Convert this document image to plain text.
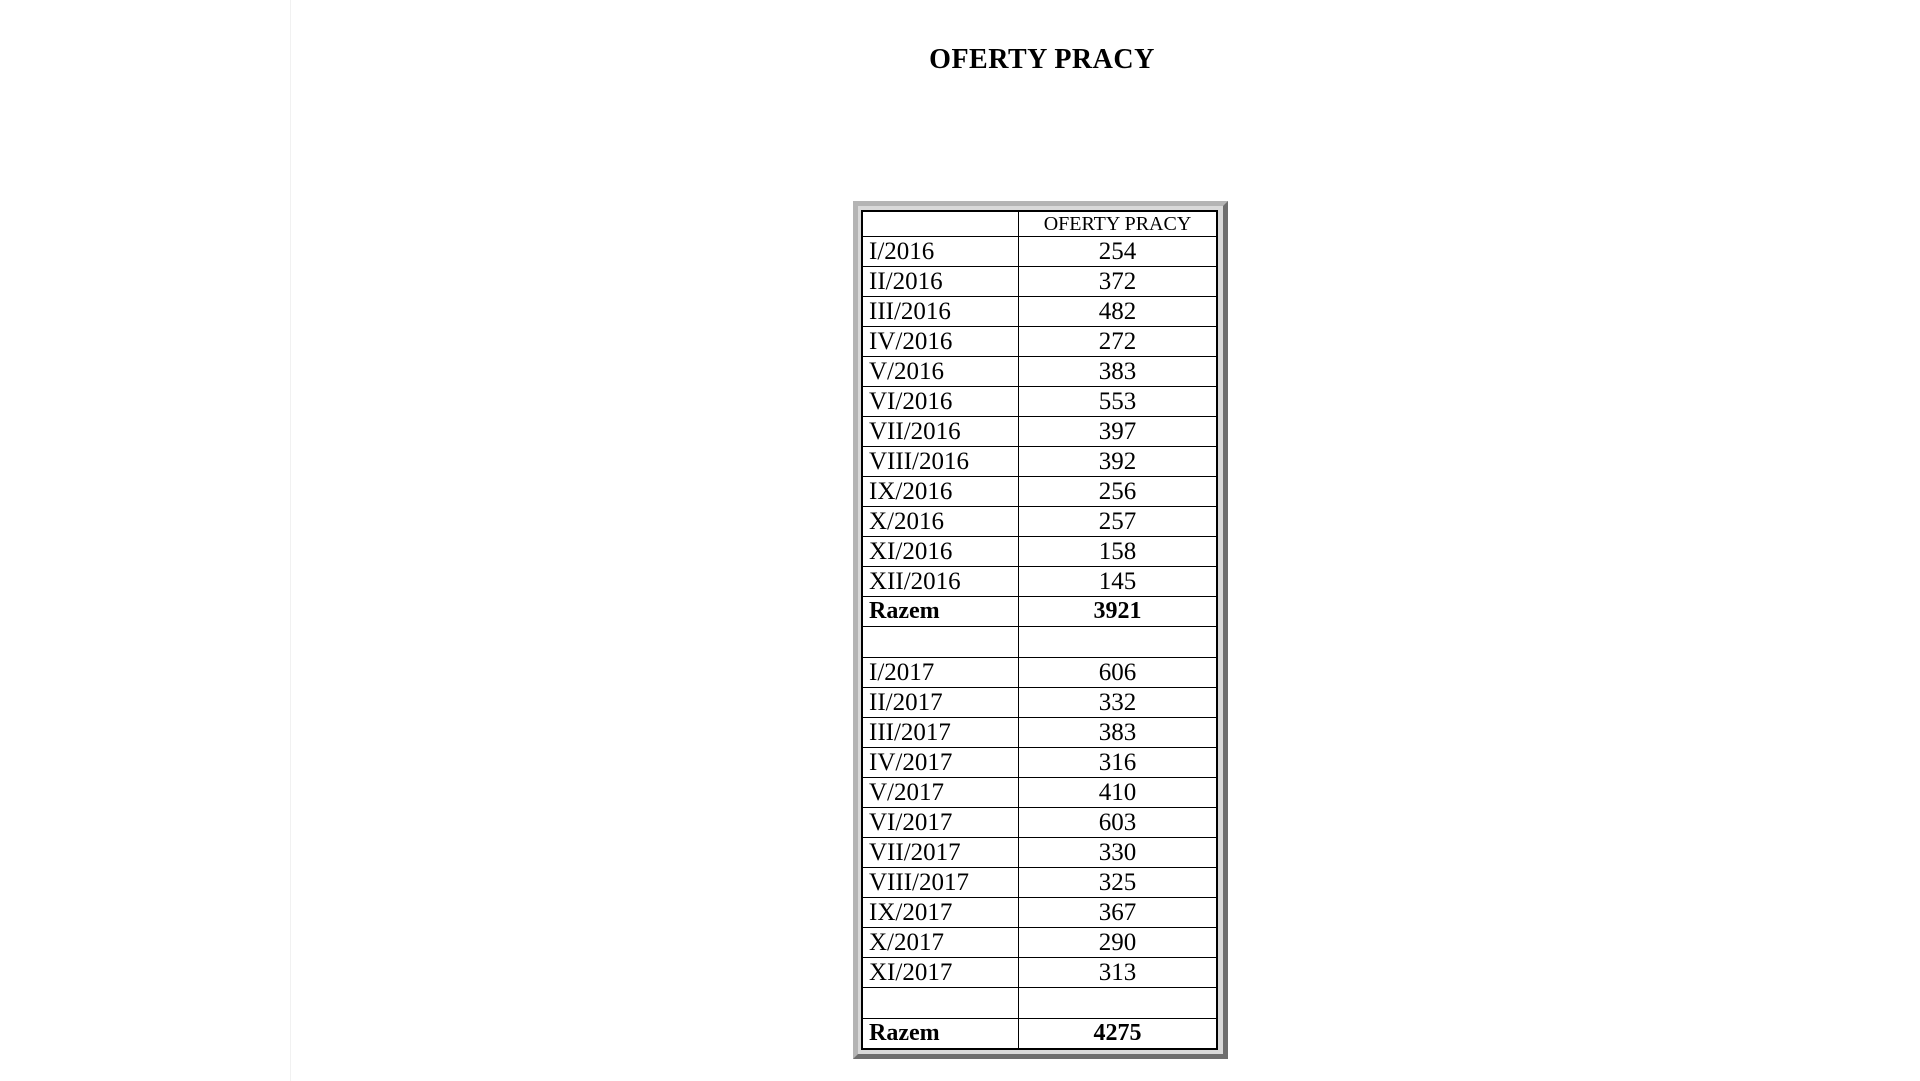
OFERTY PRACY
	OFERTY PRACY
I/2016	254
II/2016	372
III/2016	482
IV/2016	272
V/2016	383
VI/2016	553
VII/2016	397
VIII/2016	392
IX/2016	256
X/2016	257
XI/2016	158
XII/2016	145
Razem	3921

I/2017	606
II/2017	332
III/2017	383
IV/2017	316
V/2017	410
VI/2017	603
VII/2017	330
VIII/2017	325
IX/2017	367
X/2017	290
XI/2017	313

Razem	4275
